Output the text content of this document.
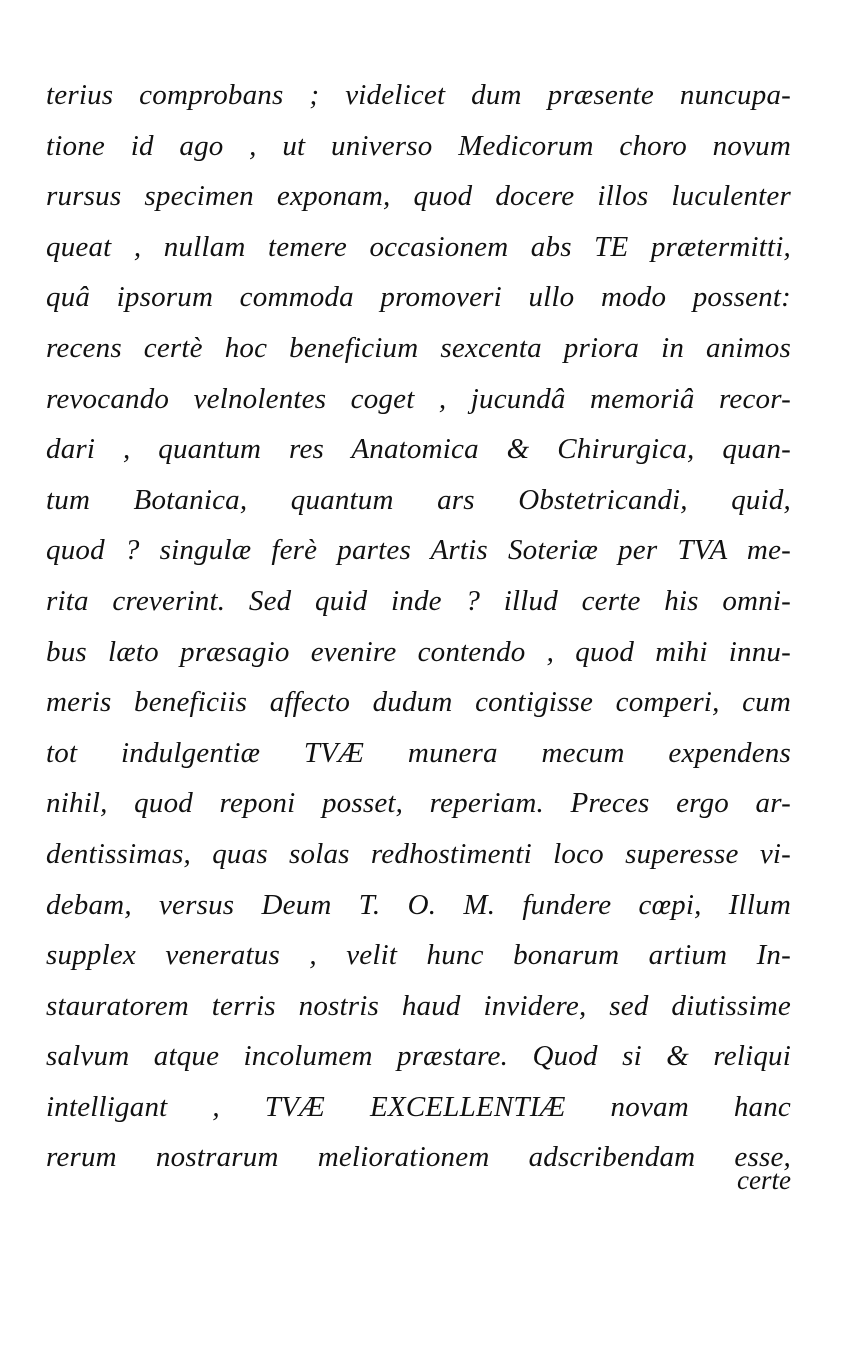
terius comprobans ; videlicet dum præsente nuncupa-
tione id ago , ut universo Medicorum choro novum
rursus specimen exponam, quod docere illos luculenter
queat , nullam temere occasionem abs TE prætermitti,
quâ ipsorum commoda promoveri ullo modo possent:
recens certè hoc beneficium sexcenta priora in animos
revocando velnolentes coget , jucundâ memoriâ recor-
dari , quantum res Anatomica & Chirurgica, quan-
tum Botanica, quantum ars Obstetricandi, quid,
quod ? singulæ ferè partes Artis Soteriæ per TVA me-
rita creverint. Sed quid inde ? illud certe his omni-
bus læto præsagio evenire contendo , quod mihi innu-
meris beneficiis affecto dudum contigisse comperi, cum
tot indulgentiæ TVÆ munera mecum expendens
nihil, quod reponi posset, reperiam. Preces ergo ar-
dentissimas, quas solas redhostimenti loco superesse vi-
debam, versus Deum T. O. M. fundere cœpi, Illum
supplex veneratus , velit hunc bonarum artium In-
stauratorem terris nostris haud invidere, sed diutissime
salvum atque incolumem præstare. Quod si & reliqui
intelligant , TVÆ EXCELLENTIÆ novam hanc
rerum nostrarum meliorationem adscribendam esse,
certe
